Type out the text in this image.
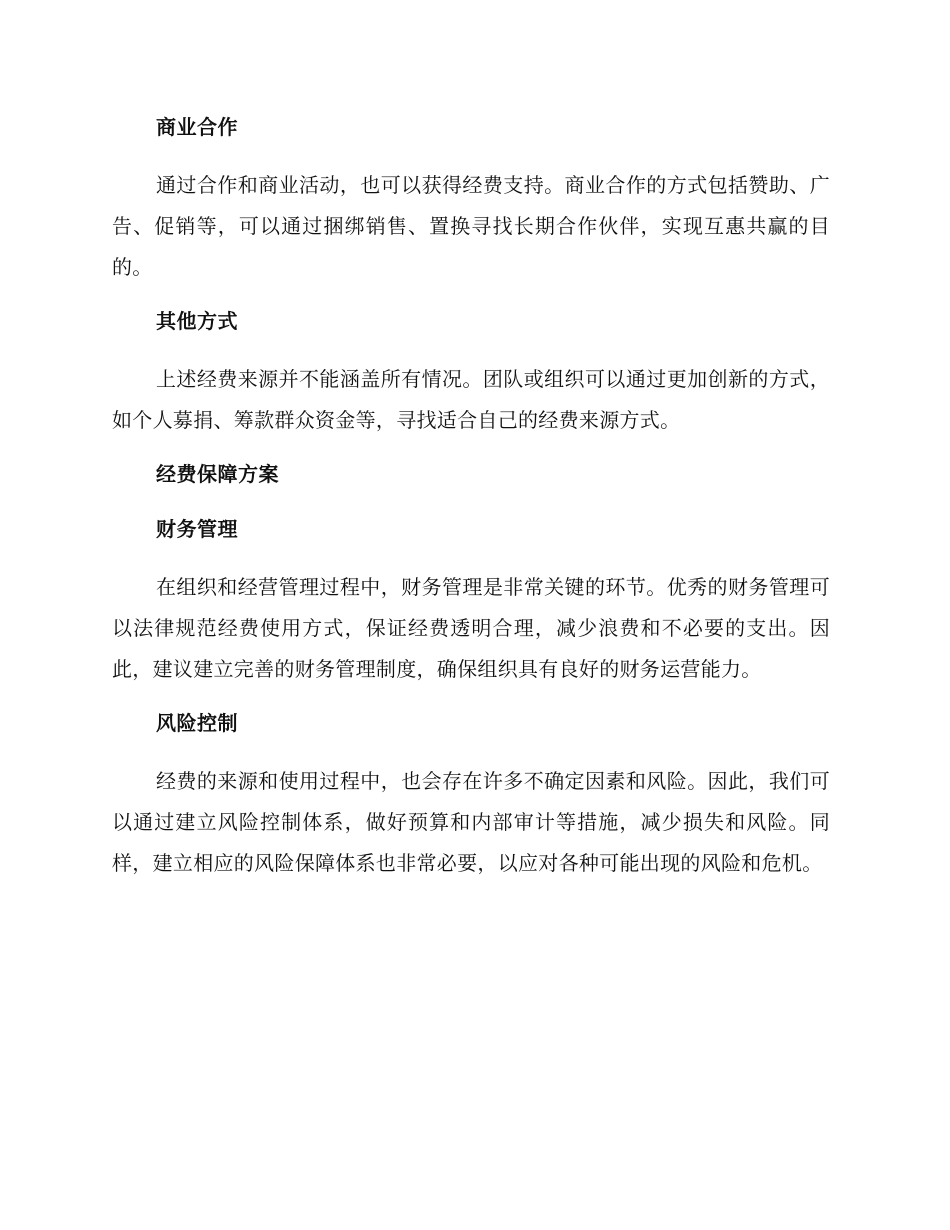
商业合作

通过合作和商业活动，也可以获得经费支持。商业合作的方式包括赞助、广告、促销等，可以通过捆绑销售、置换寻找长期合作伙伴，实现互惠共赢的目的。

其他方式

上述经费来源并不能涵盖所有情况。团队或组织可以通过更加创新的方式，如个人募捐、筹款群众资金等，寻找适合自己的经费来源方式。

经费保障方案
财务管理

在组织和经营管理过程中，财务管理是非常关键的环节。优秀的财务管理可以法律规范经费使用方式，保证经费透明合理，减少浪费和不必要的支出。因此，建议建立完善的财务管理制度，确保组织具有良好的财务运营能力。

风险控制

经费的来源和使用过程中，也会存在许多不确定因素和风险。因此，我们可以通过建立风险控制体系，做好预算和内部审计等措施，减少损失和风险。同样，建立相应的风险保障体系也非常必要，以应对各种可能出现的风险和危机。
